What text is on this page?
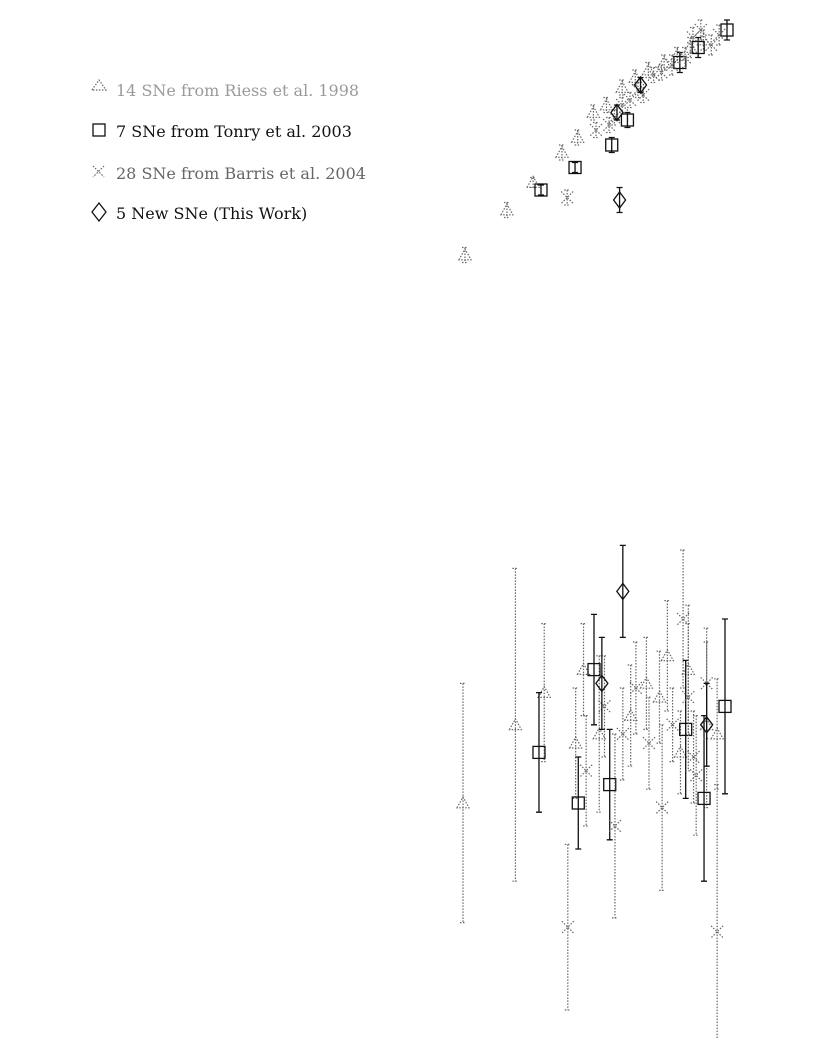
14 SNe from Riess et al. 1998
7 SNe from Tonry et al. 2003
28 SNe from Barris et al. 2004
5 New SNe (This Work)
